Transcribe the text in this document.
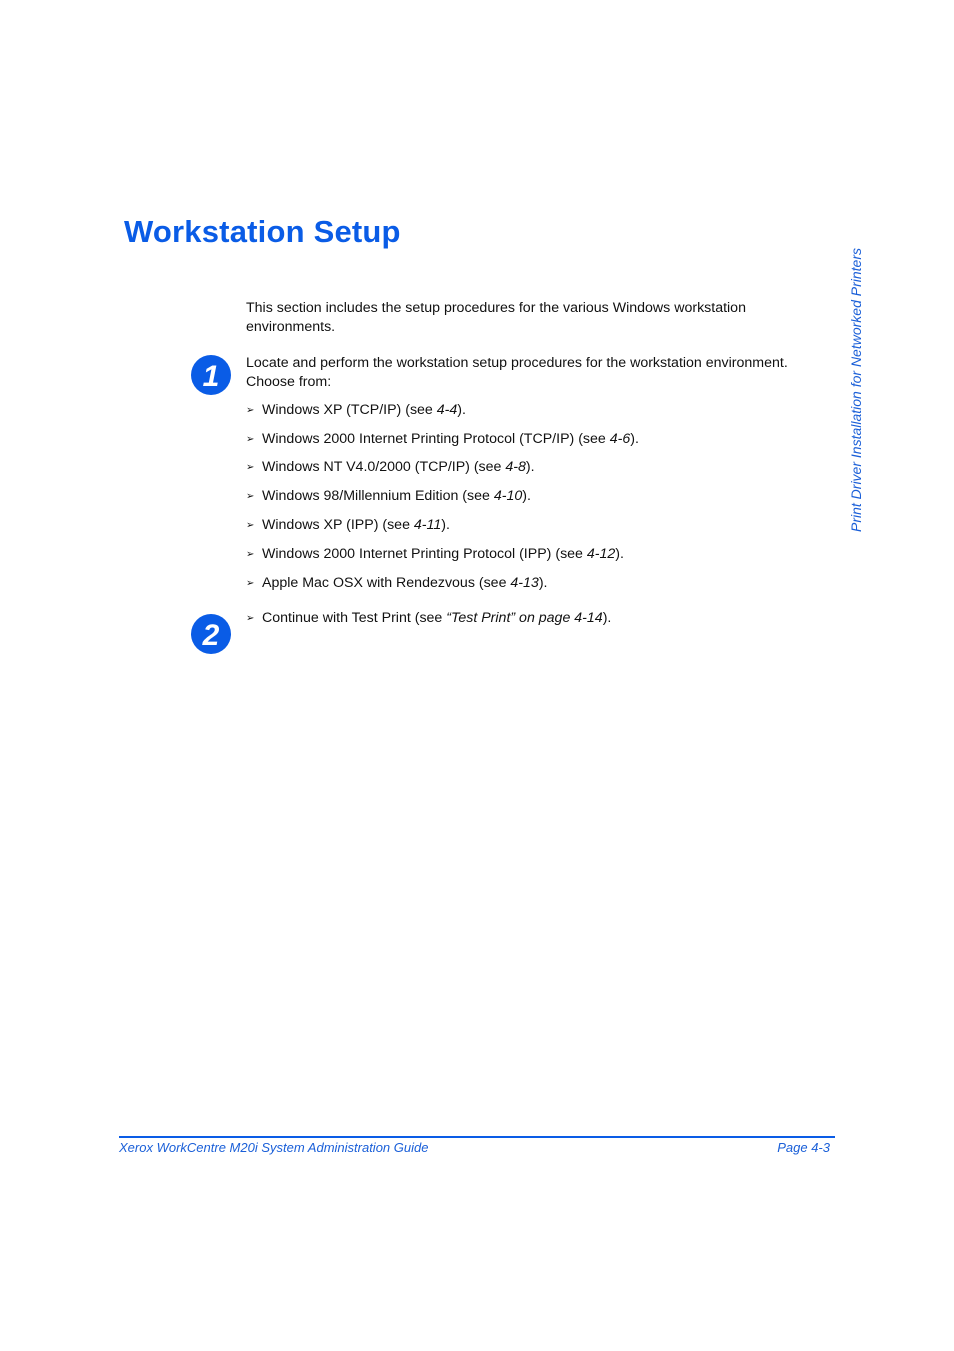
Workstation Setup
Print Driver Installation for Networked Printers
This section includes the setup procedures for the various Windows workstation environments.
1 Locate and perform the workstation setup procedures for the workstation environment. Choose from:
➢ Windows XP (TCP/IP) (see 4-4).
➢ Windows 2000 Internet Printing Protocol (TCP/IP) (see 4-6).
➢ Windows NT V4.0/2000 (TCP/IP) (see 4-8).
➢ Windows 98/Millennium Edition (see 4-10).
➢ Windows XP (IPP) (see 4-11).
➢ Windows 2000 Internet Printing Protocol (IPP) (see 4-12).
➢ Apple Mac OSX with Rendezvous (see 4-13).
2
➢ Continue with Test Print (see “Test Print” on page 4-14).
Xerox WorkCentre M20i System Administration Guide	Page 4-3
